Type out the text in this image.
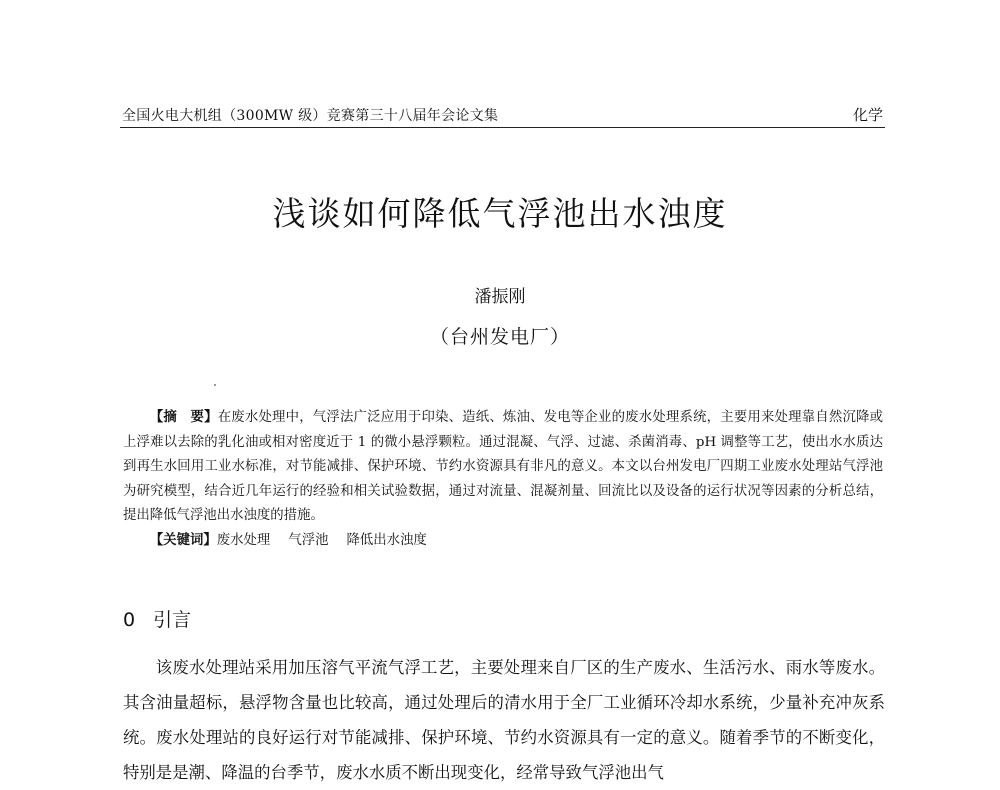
全国火电大机组（300MW 级）竞赛第三十八届年会论文集	化学
浅谈如何降低气浮池出水浊度
潘振刚
（台州发电厂）
【摘　要】在废水处理中，气浮法广泛应用于印染、造纸、炼油、发电等企业的废水处理系统，主要用来处理靠自然沉降或上浮难以去除的乳化油或相对密度近于 1 的微小悬浮颗粒。通过混凝、气浮、过滤、杀菌消毒、pH 调整等工艺，使出水水质达到再生水回用工业水标准，对节能减排、保护环境、节约水资源具有非凡的意义。本文以台州发电厂四期工业废水处理站气浮池为研究模型，结合近几年运行的经验和相关试验数据，通过对流量、混凝剂量、回流比以及设备的运行状况等因素的分析总结，提出降低气浮池出水浊度的措施。
【关键词】废水处理 气浮池 降低出水浊度
0 引言
该废水处理站采用加压溶气平流气浮工艺，主要处理来自厂区的生产废水、生活污水、雨水等废水。其含油量超标，悬浮物含量也比较高，通过处理后的清水用于全厂工业循环冷却水系统，少量补充冲灰系统。废水处理站的良好运行对节能减排、保护环境、节约水资源具有一定的意义。随着季节的不断变化，特别是是潮、降温的台季节，废水水质不断出现变化，经常导致气浮池出气
